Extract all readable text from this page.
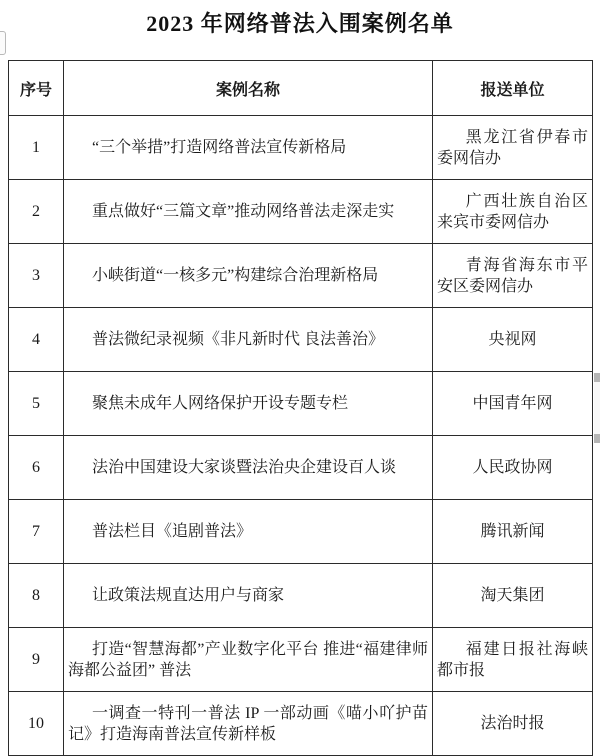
2023 年网络普法入围案例名单
序号	案例名称	报送单位
1	“三个举措”打造网络普法宣传新格局	黑龙江省伊春市委网信办

2	重点做好“三篇文章”推动网络普法走深走实	广西壮族自治区来宾市委网信办

3	小峡街道“一核多元”构建综合治理新格局	青海省海东市平安区委网信办

4	普法微纪录视频《非凡新时代 良法善治》	央视网

5	聚焦未成年人网络保护开设专题专栏	中国青年网

6	法治中国建设大家谈暨法治央企建设百人谈	人民政协网

7	普法栏目《追剧普法》	腾讯新闻

8	让政策法规直达用户与商家	淘天集团

9	打造“智慧海都”产业数字化平台 推进“福建律师海都公益团” 普法	福建日报社海峡都市报

10	一调查一特刊一普法 IP 一部动画《喵小吖护苗记》打造海南普法宣传新样板	法治时报
